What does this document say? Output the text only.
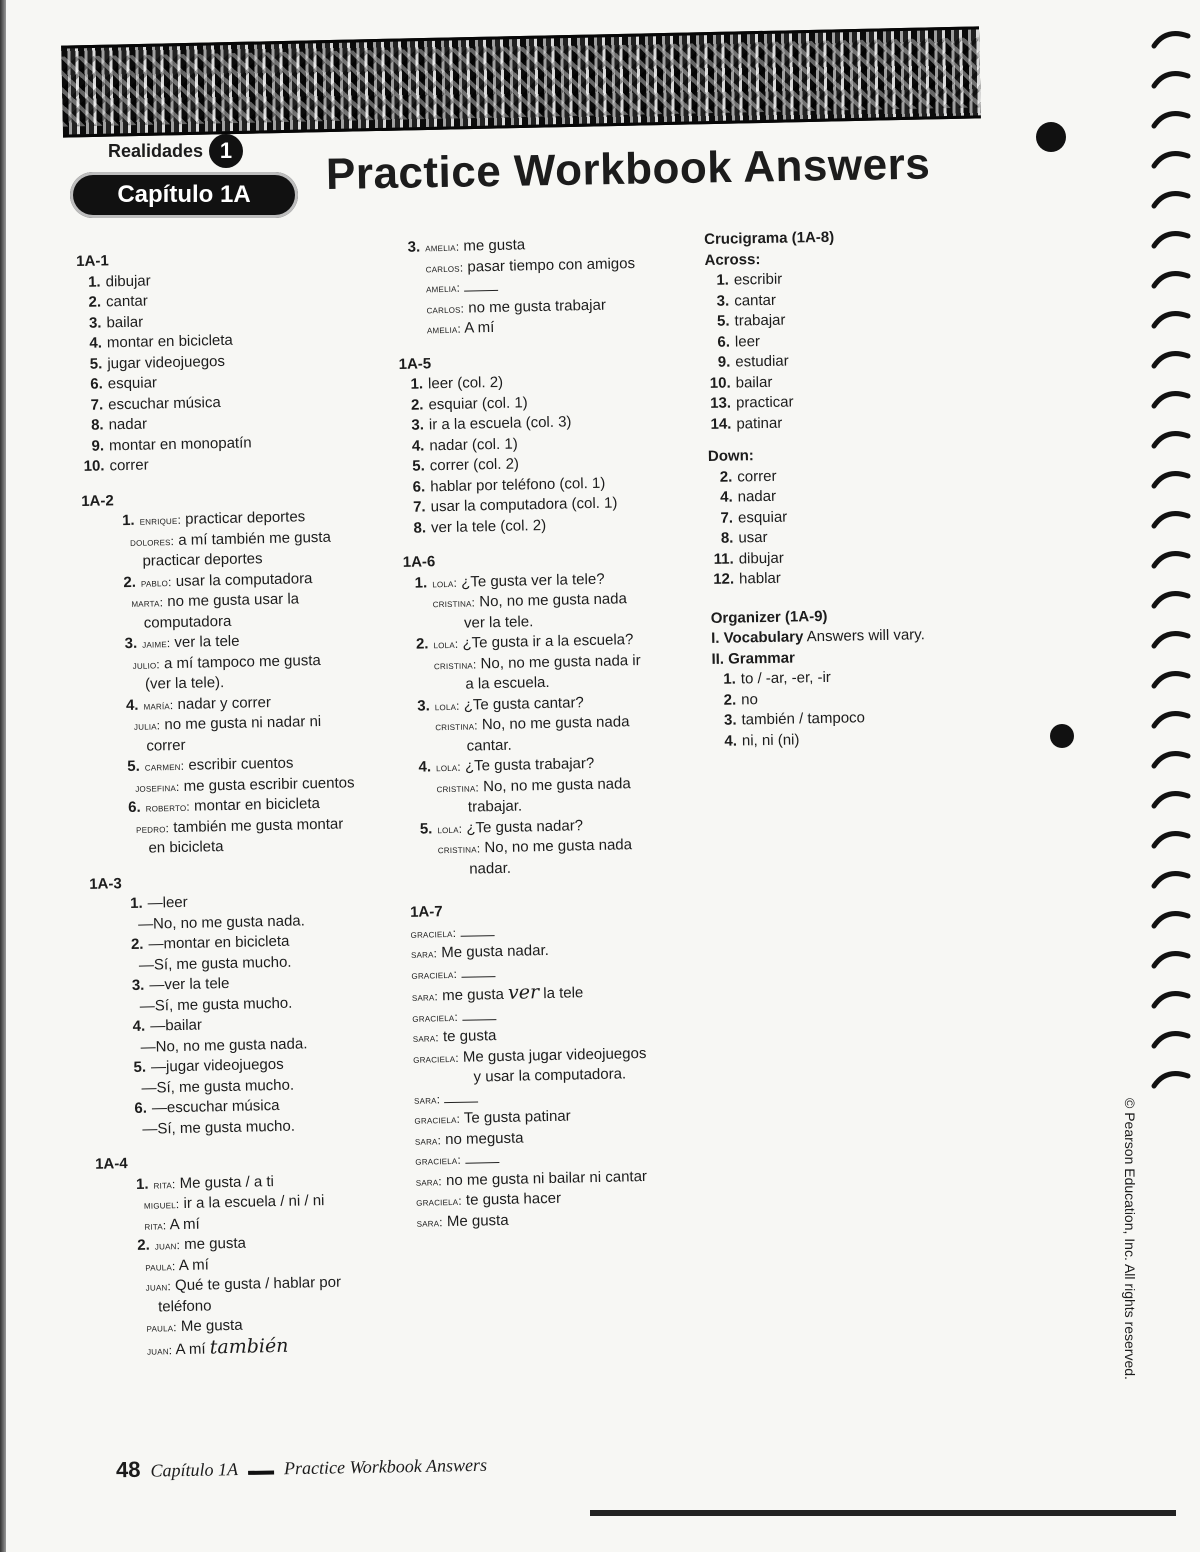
Realidades 1
Capítulo 1A	Practice Workbook Answers
1A-1
1. dibujar
2. cantar
3. bailar
4. montar en bicicleta
5. jugar videojuegos
6. esquiar
7. escuchar música
8. nadar
9. montar en monopatín
10. correr
1A-2
1. enrique: practicar deportes
dolores: a mí también me gusta
practicar deportes
2. pablo: usar la computadora
marta: no me gusta usar la
computadora
3. jaime: ver la tele
julio: a mí tampoco me gusta
(ver la tele).
4. maría: nadar y correr
julia: no me gusta ni nadar ni
correr
5. carmen: escribir cuentos
josefina: me gusta escribir cuentos
6. roberto: montar en bicicleta
pedro: también me gusta montar
en bicicleta
1A-3
1. —leer
—No, no me gusta nada.
2. —montar en bicicleta
—Sí, me gusta mucho.
3. —ver la tele
—Sí, me gusta mucho.
4. —bailar
—No, no me gusta nada.
5. —jugar videojuegos
—Sí, me gusta mucho.
6. —escuchar música
—Sí, me gusta mucho.
1A-4
1. rita: Me gusta / a ti
miguel: ir a la escuela / ni / ni
rita: A mí
2. juan: me gusta
paula: A mí
juan: Qué te gusta / hablar por
teléfono
paula: Me gusta
juan: A mí también
3. amelia: me gusta
carlos: pasar tiempo con amigos
amelia:
carlos: no me gusta trabajar
amelia: A mí
1A-5
1. leer (col. 2)
2. esquiar (col. 1)
3. ir a la escuela (col. 3)
4. nadar (col. 1)
5. correr (col. 2)
6. hablar por teléfono (col. 1)
7. usar la computadora (col. 1)
8. ver la tele (col. 2)
1A-6
1. lola: ¿Te gusta ver la tele?
cristina: No, no me gusta nada
ver la tele.
2. lola: ¿Te gusta ir a la escuela?
cristina: No, no me gusta nada ir
a la escuela.
3. lola: ¿Te gusta cantar?
cristina: No, no me gusta nada
cantar.
4. lola: ¿Te gusta trabajar?
cristina: No, no me gusta nada
trabajar.
5. lola: ¿Te gusta nadar?
cristina: No, no me gusta nada
nadar.
1A-7
graciela:
sara: Me gusta nadar.
graciela:
sara: me gusta ver la tele
graciela:
sara: te gusta
graciela: Me gusta jugar videojuegos
y usar la computadora.
sara:
graciela: Te gusta patinar
sara: no megusta
graciela:
sara: no me gusta ni bailar ni cantar
graciela: te gusta hacer
sara: Me gusta
Crucigrama (1A-8)
Across:
1. escribir
3. cantar
5. trabajar
6. leer
9. estudiar
10. bailar
13. practicar
14. patinar
Down:
2. correr
4. nadar
7. esquiar
8. usar
11. dibujar
12. hablar
Organizer (1A-9)
I. Vocabulary Answers will vary.
II. Grammar
1. to / -ar, -er, -ir
2. no
3. también / tampoco
4. ni, ni (ni)
48 Capítulo 1A	Practice Workbook Answers
© Pearson Education, Inc. All rights reserved.
